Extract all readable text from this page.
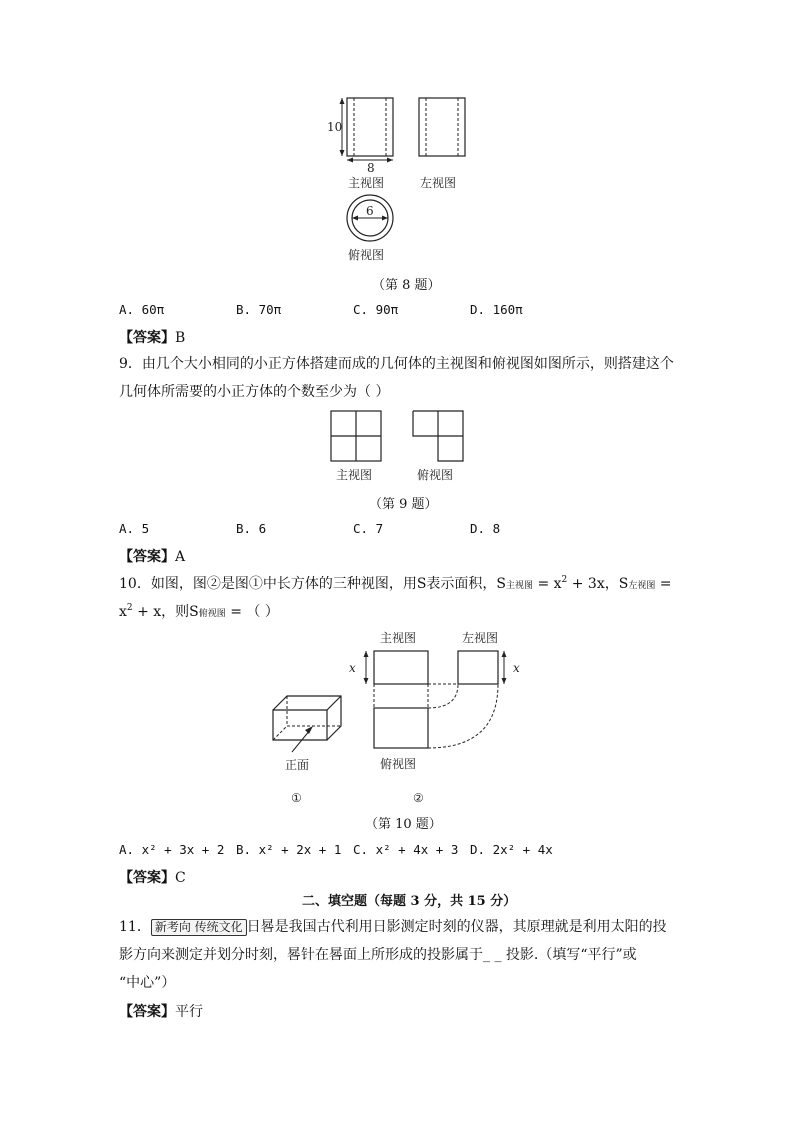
10
8
主视图	左视图
6
俯视图
（第 8 题）
A. 60π	B. 70π	C. 90π	D. 160π
【答案】B
9．由几个大小相同的小正方体搭建而成的几何体的主视图和俯视图如图所示，则搭建这个
几何体所需要的小正方体的个数至少为（ ）
主视图	俯视图
（第 9 题）
A. 5	B. 6	C. 7	D. 8
【答案】A
10．如图，图②是图①中长方体的三种视图，用S表示面积，S主视图 = $x^2 + 3x$，S左视图 =
$x^2 + x$，则S俯视图 = （ ）
主视图	左视图
x	x
俯视图
正面
①	②
（第 10 题）
A. x² + 3x + 2 B. x² + 2x + 1 C. x² + 4x + 3 D. 2x² + 4x
【答案】C
二、填空题（每题 3 分，共 15 分）
11． 新考向 传统文化 日晷是我国古代利用日影测定时刻的仪器，其原理就是利用太阳的投
影方向来测定并划分时刻，晷针在晷面上所形成的投影属于_ _ 投影.（填写“平行”或
“中心”）
【答案】平行
